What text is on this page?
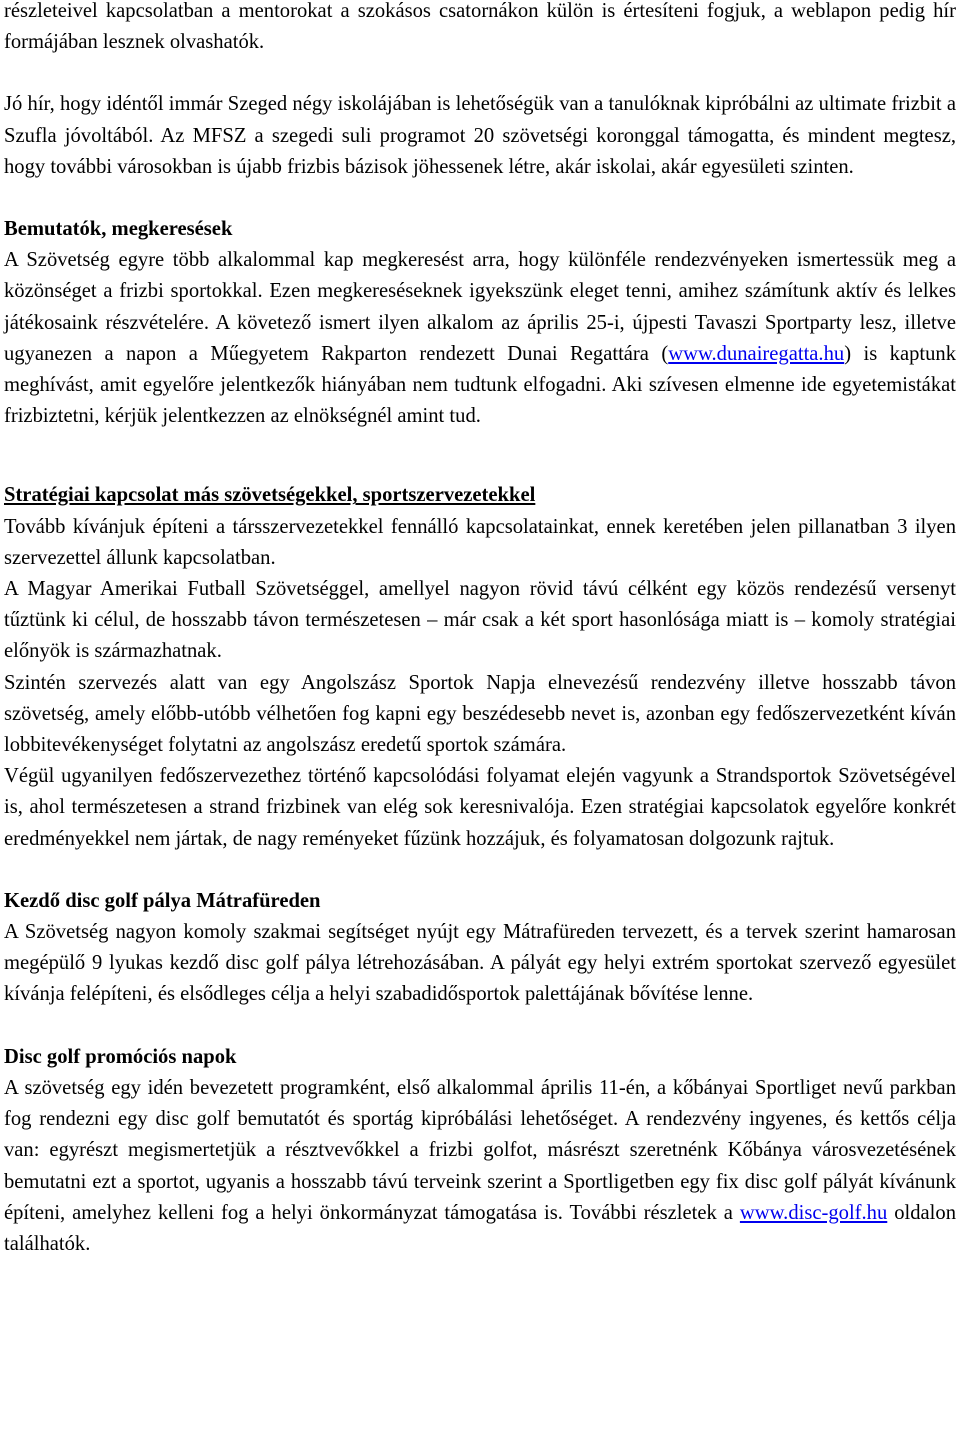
részleteivel kapcsolatban a mentorokat a szokásos csatornákon külön is értesíteni fogjuk, a weblapon pedig hír formájában lesznek olvashatók.

Jó hír, hogy idéntől immár Szeged négy iskolájában is lehetőségük van a tanulóknak kipróbálni az ultimate frizbit a Szufla jóvoltából. Az MFSZ a szegedi suli programot 20 szövetségi koronggal támogatta, és mindent megtesz, hogy további városokban is újabb frizbis bázisok jöhessenek létre, akár iskolai, akár egyesületi szinten.

Bemutatók, megkeresések

A Szövetség egyre több alkalommal kap megkeresést arra, hogy különféle rendezvényeken ismertessük meg a közönséget a frizbi sportokkal. Ezen megkereséseknek igyekszünk eleget tenni, amihez számítunk aktív és lelkes játékosaink részvételére. A követező ismert ilyen alkalom az április 25-i, újpesti Tavaszi Sportparty lesz, illetve ugyanezen a napon a Műegyetem Rakparton rendezett Dunai Regattára (www.dunairegatta.hu) is kaptunk meghívást, amit egyelőre jelentkezők hiányában nem tudtunk elfogadni. Aki szívesen elmenne ide egyetemistákat frizbiztetni, kérjük jelentkezzen az elnökségnél amint tud.

Stratégiai kapcsolat más szövetségekkel, sportszervezetekkel

Tovább kívánjuk építeni a társszervezetekkel fennálló kapcsolatainkat, ennek keretében jelen pillanatban 3 ilyen szervezettel állunk kapcsolatban.

A Magyar Amerikai Futball Szövetséggel, amellyel nagyon rövid távú célként egy közös rendezésű versenyt tűztünk ki célul, de hosszabb távon természetesen – már csak a két sport hasonlósága miatt is – komoly stratégiai előnyök is származhatnak.

Szintén szervezés alatt van egy Angolszász Sportok Napja elnevezésű rendezvény illetve hosszabb távon szövetség, amely előbb-utóbb vélhetően fog kapni egy beszédesebb nevet is, azonban egy fedőszervezetként kíván lobbitevékenységet folytatni az angolszász eredetű sportok számára.

Végül ugyanilyen fedőszervezethez történő kapcsolódási folyamat elején vagyunk a Strandsportok Szövetségével is, ahol természetesen a strand frizbinek van elég sok keresnivalója. Ezen stratégiai kapcsolatok egyelőre konkrét eredményekkel nem jártak, de nagy reményeket fűzünk hozzájuk, és folyamatosan dolgozunk rajtuk.

Kezdő disc golf pálya Mátrafüreden

A Szövetség nagyon komoly szakmai segítséget nyújt egy Mátrafüreden tervezett, és a tervek szerint hamarosan megépülő 9 lyukas kezdő disc golf pálya létrehozásában. A pályát egy helyi extrém sportokat szervező egyesület kívánja felépíteni, és elsődleges célja a helyi szabadidősportok palettájának bővítése lenne.

Disc golf promóciós napok

A szövetség egy idén bevezetett programként, első alkalommal április 11-én, a kőbányai Sportliget nevű parkban fog rendezni egy disc golf bemutatót és sportág kipróbálási lehetőséget. A rendezvény ingyenes, és kettős célja van: egyrészt megismertetjük a résztvevőkkel a frizbi golfot, másrészt szeretnénk Kőbánya városvezetésének bemutatni ezt a sportot, ugyanis a hosszabb távú terveink szerint a Sportligetben egy fix disc golf pályát kívánunk építeni, amelyhez kelleni fog a helyi önkormányzat támogatása is. További részletek a www.disc-golf.hu oldalon találhatók.
